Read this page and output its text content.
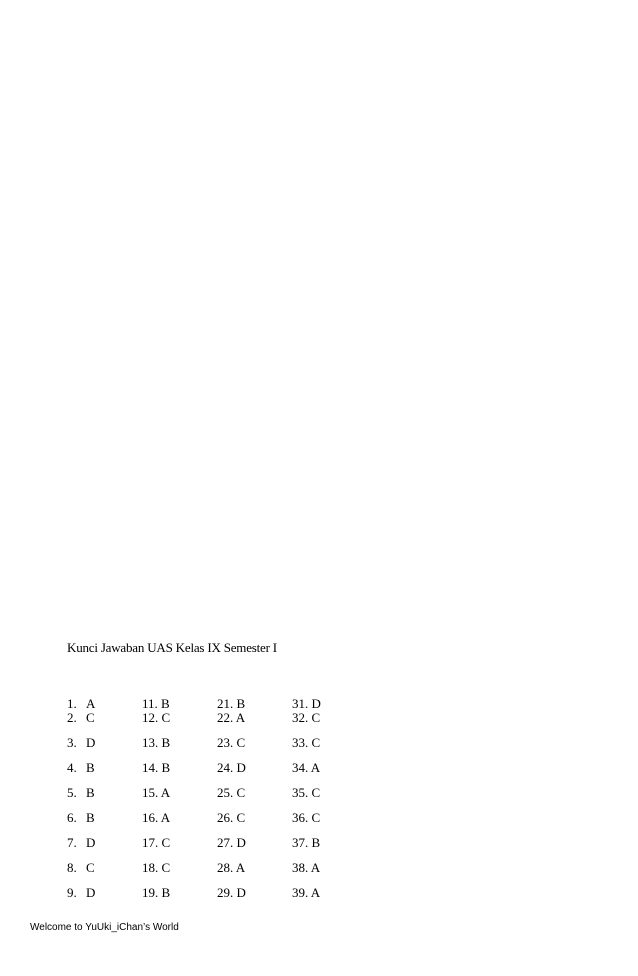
Kunci Jawaban UAS Kelas IX Semester I
1. A	11. B	21. B	31. D
2. C	12. C	22. A	32. C
3. D	13. B	23. C	33. C
4. B	14. B	24. D	34. A
5. B	15. A	25. C	35. C
6. B	16. A	26. C	36. C
7. D	17. C	27. D	37. B
8. C	18. C	28. A	38. A
9. D	19. B	29. D	39. A
Welcome to YuUki_iChan’s World
